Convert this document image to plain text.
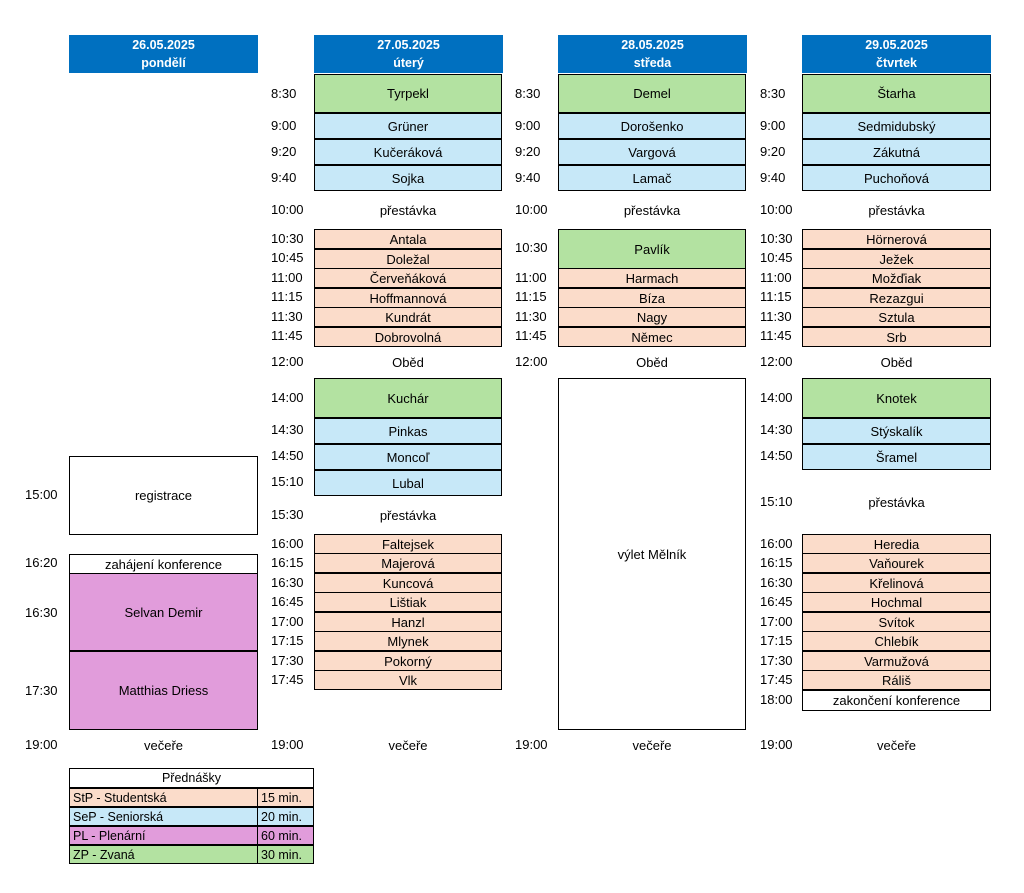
26.05.2025
pondělí
27.05.2025
úterý
28.05.2025
středa
29.05.2025
čtvrtek
15:00	registrace
16:20	zahájení konference
16:30	Selvan Demir
17:30	Matthias Driess
19:00	večeře
8:30	Tyrpekl
9:00	Grüner
9:20	Kučeráková
9:40	Sojka
10:00	přestávka
10:30	Antala
10:45	Doležal
11:00	Červeňáková
11:15	Hoffmannová
11:30	Kundrát
11:45	Dobrovolná
12:00	Oběd
14:00	Kuchár
14:30	Pinkas
14:50	Moncoľ
15:10	Lubal
15:30	přestávka
16:00	Faltejsek
16:15	Majerová
16:30	Kuncová
16:45	Lištiak
17:00	Hanzl
17:15	Mlynek
17:30	Pokorný
17:45	Vlk
19:00	večeře
8:30	Demel
9:00	Dorošenko
9:20	Vargová
9:40	Lamač
10:00	přestávka
10:30	Pavlík
11:00	Harmach
11:15	Bíza
11:30	Nagy
11:45	Němec
12:00	Oběd
výlet Mělník
19:00	večeře
8:30	Štarha
9:00	Sedmidubský
9:20	Zákutná
9:40	Puchoňová
10:00	přestávka
10:30	Hörnerová
10:45	Ježek
11:00	Možďiak
11:15	Rezazgui
11:30	Sztula
11:45	Srb
12:00	Oběd
14:00	Knotek
14:30	Stýskalík
14:50	Šramel
15:10	přestávka
16:00	Heredia
16:15	Vaňourek
16:30	Křelinová
16:45	Hochmal
17:00	Svítok
17:15	Chlebík
17:30	Varmužová
17:45	Ráliš
18:00	zakončení konference
19:00	večeře
Přednášky
StP - Studentská	15 min.
SeP - Seniorská	20 min.
PL - Plenární	60 min.
ZP - Zvaná	30 min.
